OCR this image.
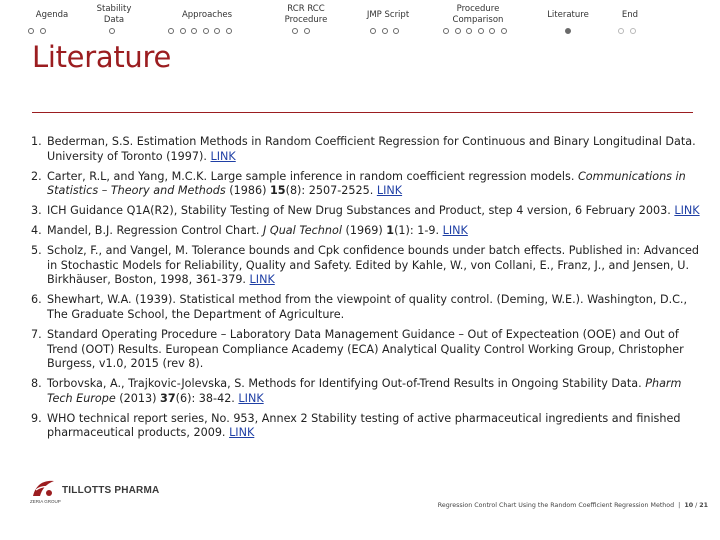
Agenda
Stability
Data	Approaches
RCR RCC
Procedure	JMP Script
Procedure
Comparison	Literature	End
Literature
1. Bederman, S.S. Estimation Methods in Random Coefficient Regression for Continuous and Binary Longitudinal Data. University of Toronto (1997). LINK
2. Carter, R.L, and Yang, M.C.K. Large sample inference in random coefficient regression models. Communications in Statistics – Theory and Methods (1986) 15(8): 2507-2525. LINK
3. ICH Guidance Q1A(R2), Stability Testing of New Drug Substances and Product, step 4 version, 6 February 2003. LINK
4. Mandel, B.J. Regression Control Chart. J Qual Technol (1969) 1(1): 1-9. LINK
5. Scholz, F., and Vangel, M. Tolerance bounds and Cpk confidence bounds under batch effects. Published in: Advanced in Stochastic Models for Reliability, Quality and Safety. Edited by Kahle, W., von Collani, E., Franz, J., and Jensen, U. Birkhäuser, Boston, 1998, 361-379. LINK
6. Shewhart, W.A. (1939). Statistical method from the viewpoint of quality control. (Deming, W.E.). Washington, D.C., The Graduate School, the Department of Agriculture.
7. Standard Operating Procedure – Laboratory Data Management Guidance – Out of Expecteation (OOE) and Out of Trend (OOT) Results. European Compliance Academy (ECA) Analytical Quality Control Working Group, Christopher Burgess, v1.0, 2015 (rev 8).
8. Torbovska, A., Trajkovic-Jolevska, S. Methods for Identifying Out-of-Trend Results in Ongoing Stability Data. Pharm Tech Europe (2013) 37(6): 38-42. LINK
9. WHO technical report series, No. 953, Annex 2 Stability testing of active pharmaceutical ingredients and finished pharmaceutical products, 2009. LINK
TILLOTTS PHARMA
ZERIA GROUP
Regression Control Chart Using the Random Coefficient Regression Method | 10 / 21
